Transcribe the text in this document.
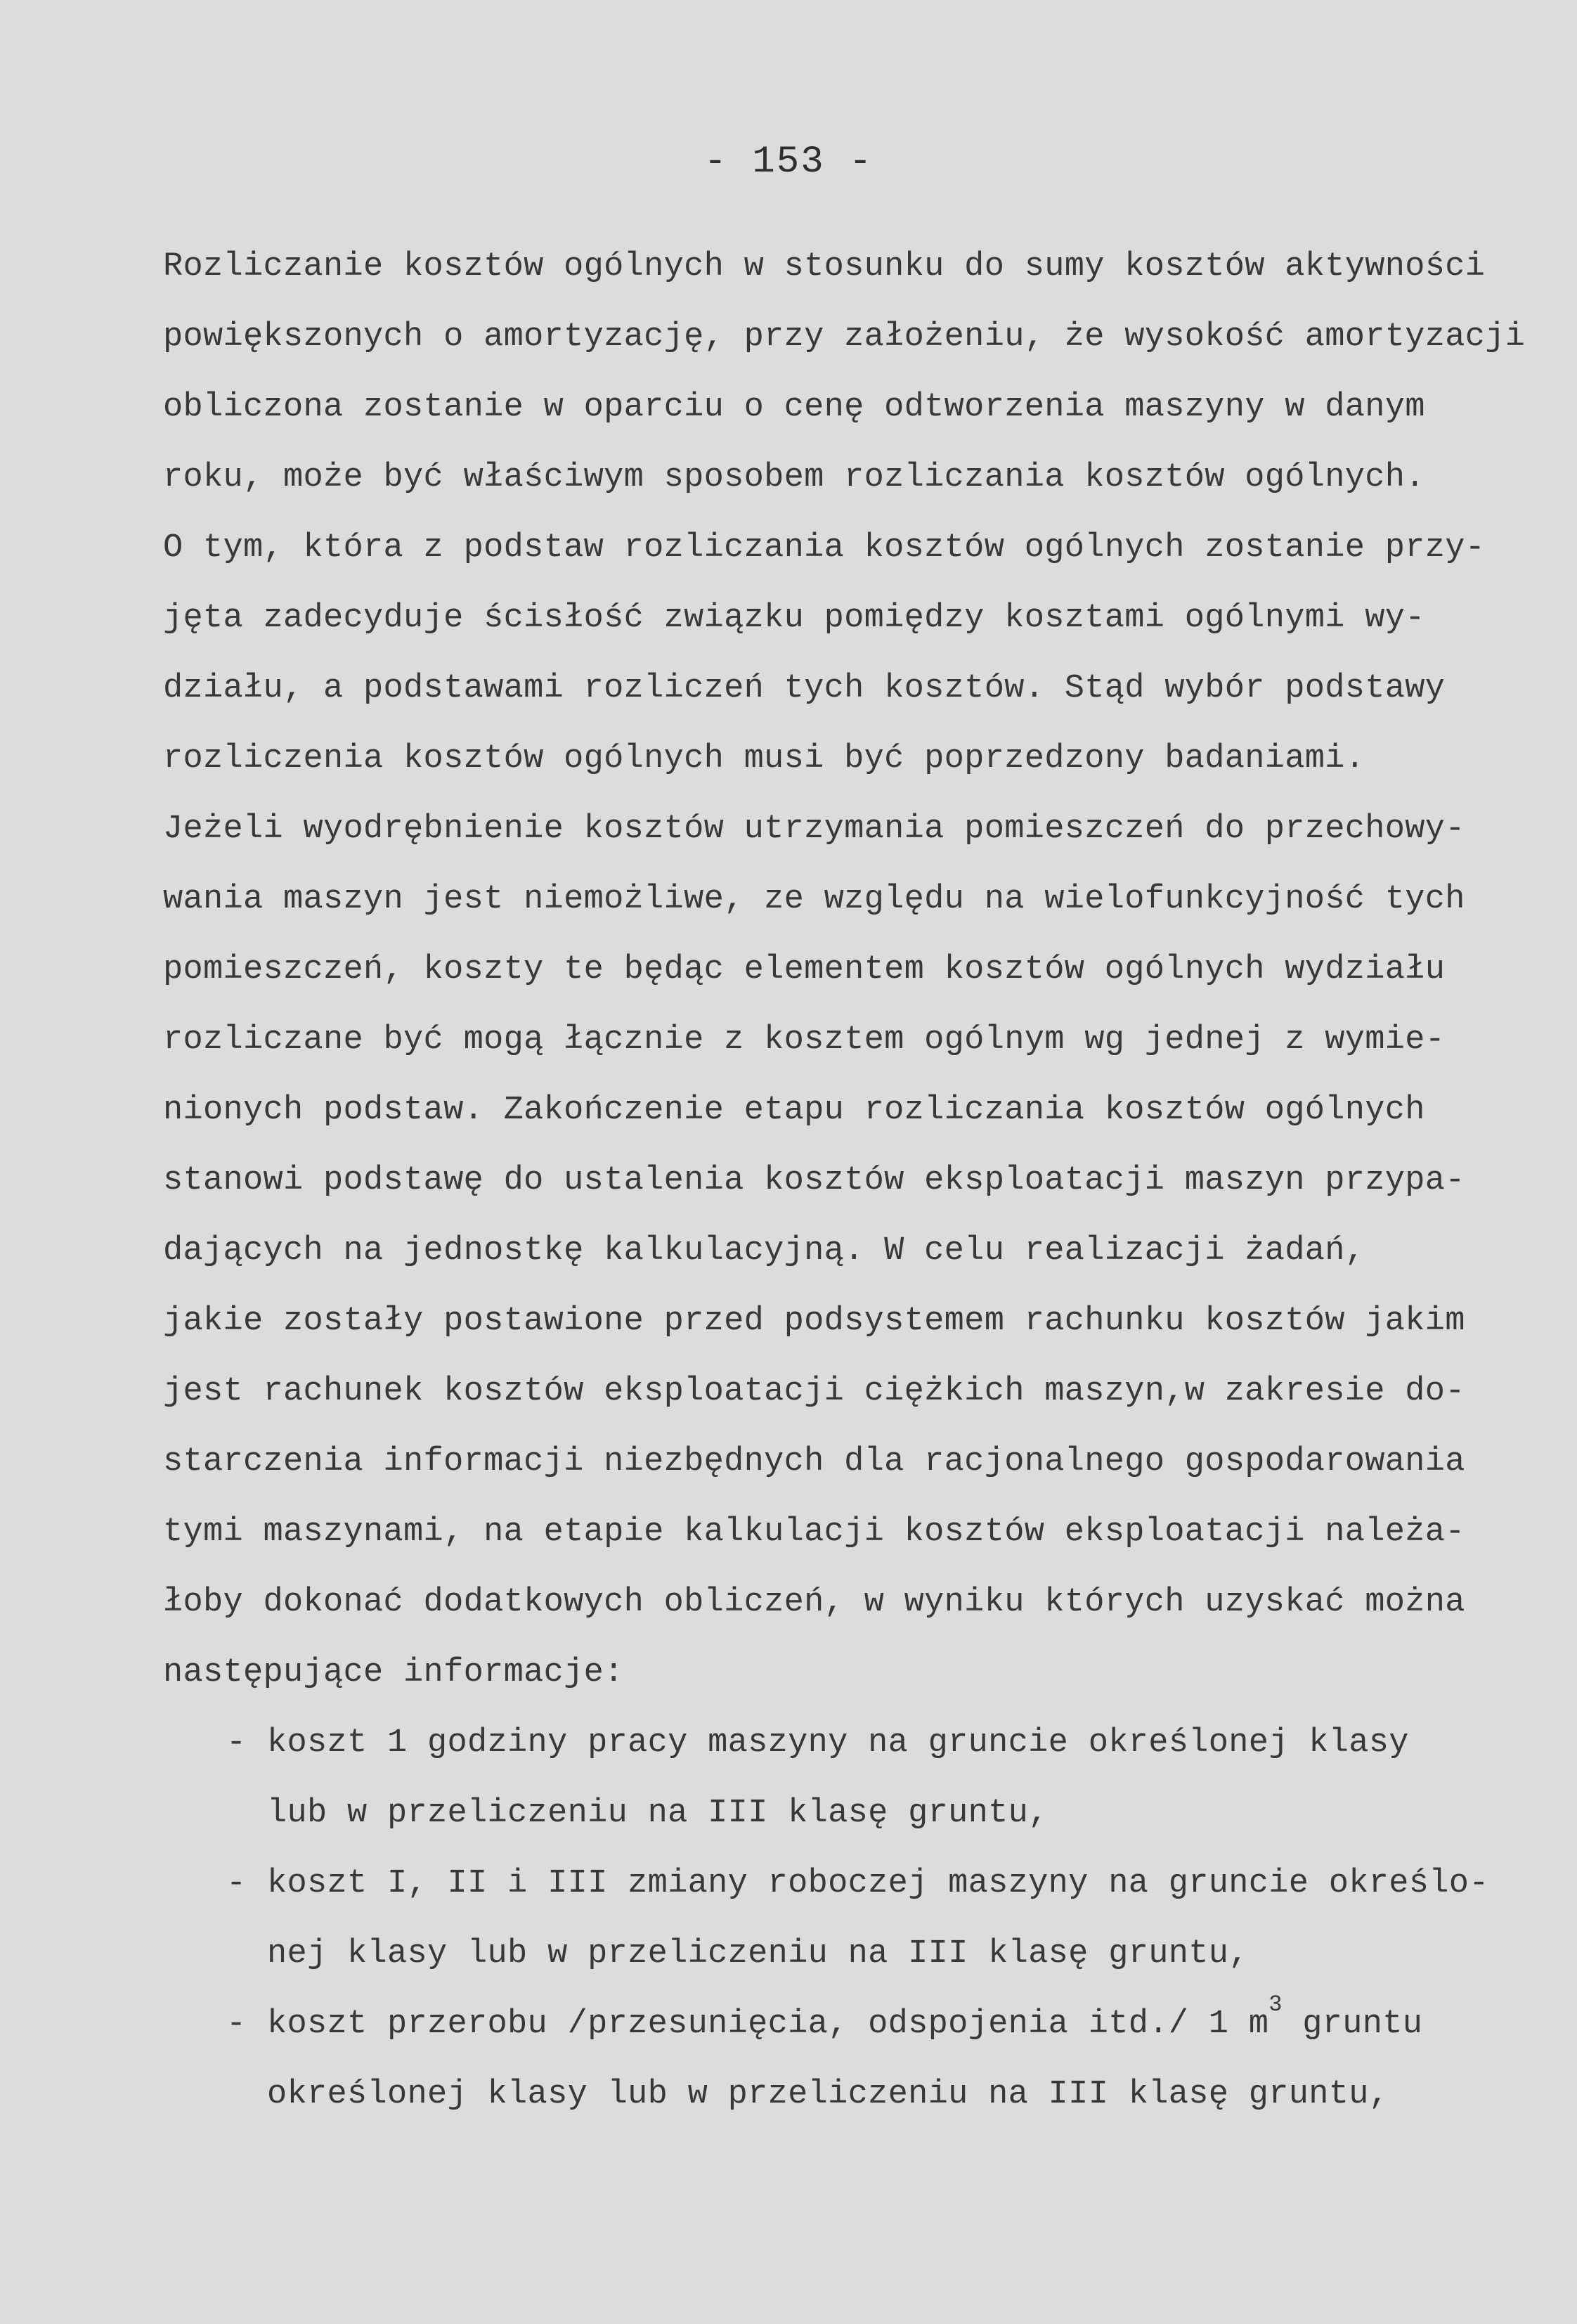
- 153 -
Rozliczanie kosztów ogólnych w stosunku do sumy kosztów aktywności
powiększonych o amortyzację, przy założeniu, że wysokość amortyzacji
obliczona zostanie w oparciu o cenę odtworzenia maszyny w danym
roku, może być właściwym sposobem rozliczania kosztów ogólnych.
O tym, która z podstaw rozliczania kosztów ogólnych zostanie przy-
jęta zadecyduje ścisłość związku pomiędzy kosztami ogólnymi wy-
działu, a podstawami rozliczeń tych kosztów. Stąd wybór podstawy
rozliczenia kosztów ogólnych musi być poprzedzony badaniami.
Jeżeli wyodrębnienie kosztów utrzymania pomieszczeń do przechowy-
wania maszyn jest niemożliwe, ze względu na wielofunkcyjność tych
pomieszczeń, koszty te będąc elementem kosztów ogólnych wydziału
rozliczane być mogą łącznie z kosztem ogólnym wg jednej z wymie-
nionych podstaw. Zakończenie etapu rozliczania kosztów ogólnych
stanowi podstawę do ustalenia kosztów eksploatacji maszyn przypa-
dających na jednostkę kalkulacyjną. W celu realizacji żadań,
jakie zostały postawione przed podsystemem rachunku kosztów jakim
jest rachunek kosztów eksploatacji ciężkich maszyn,w zakresie do-
starczenia informacji niezbędnych dla racjonalnego gospodarowania
tymi maszynami, na etapie kalkulacji kosztów eksploatacji należa-
łoby dokonać dodatkowych obliczeń, w wyniku których uzyskać można
następujące informacje:
- koszt 1 godziny pracy maszyny na gruncie określonej klasy
lub w przeliczeniu na III klasę gruntu,
- koszt I, II i III zmiany roboczej maszyny na gruncie określo-
nej klasy lub w przeliczeniu na III klasę gruntu,
- koszt przerobu /przesunięcia, odspojenia itd./ 1 $m^3$ gruntu
określonej klasy lub w przeliczeniu na III klasę gruntu,
